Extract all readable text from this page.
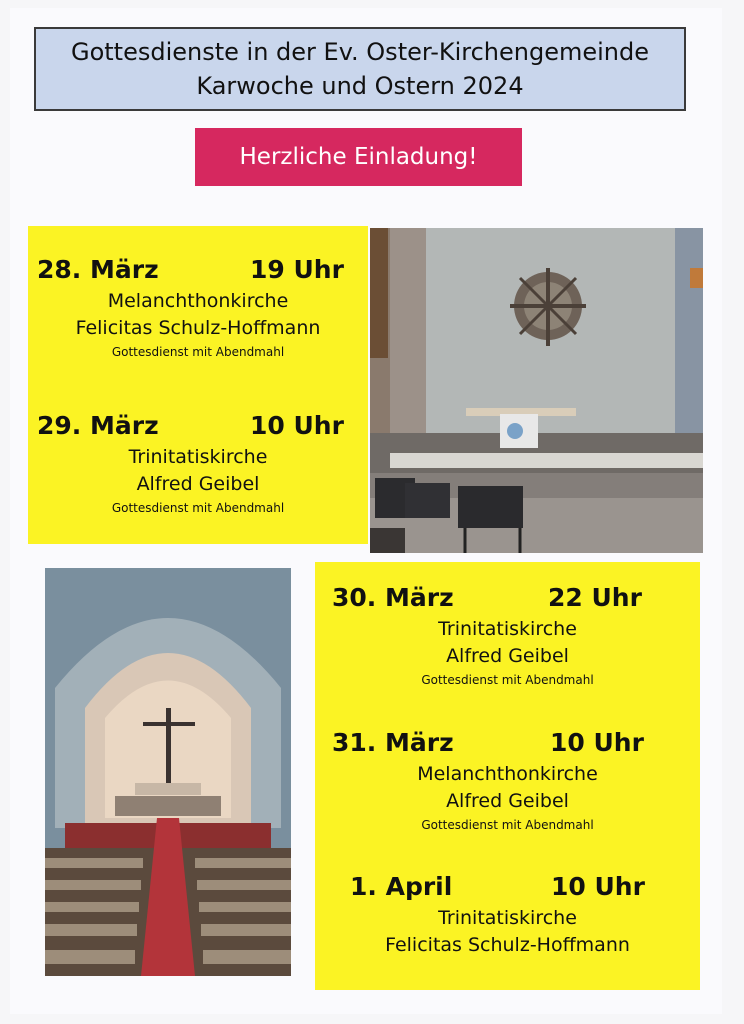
Gottesdienste in der Ev. Oster-Kirchengemeinde
Karwoche und Ostern 2024
Herzliche Einladung!
28. März	19 Uhr
Melanchthonkirche
Felicitas Schulz-Hoffmann
Gottesdienst mit Abendmahl
29. März	10 Uhr
Trinitatiskirche
Alfred Geibel
Gottesdienst mit Abendmahl
30. März	22 Uhr
Trinitatiskirche
Alfred Geibel
Gottesdienst mit Abendmahl
31. März	10 Uhr
Melanchthonkirche
Alfred Geibel
Gottesdienst mit Abendmahl
1. April	10 Uhr
Trinitatiskirche
Felicitas Schulz-Hoffmann
